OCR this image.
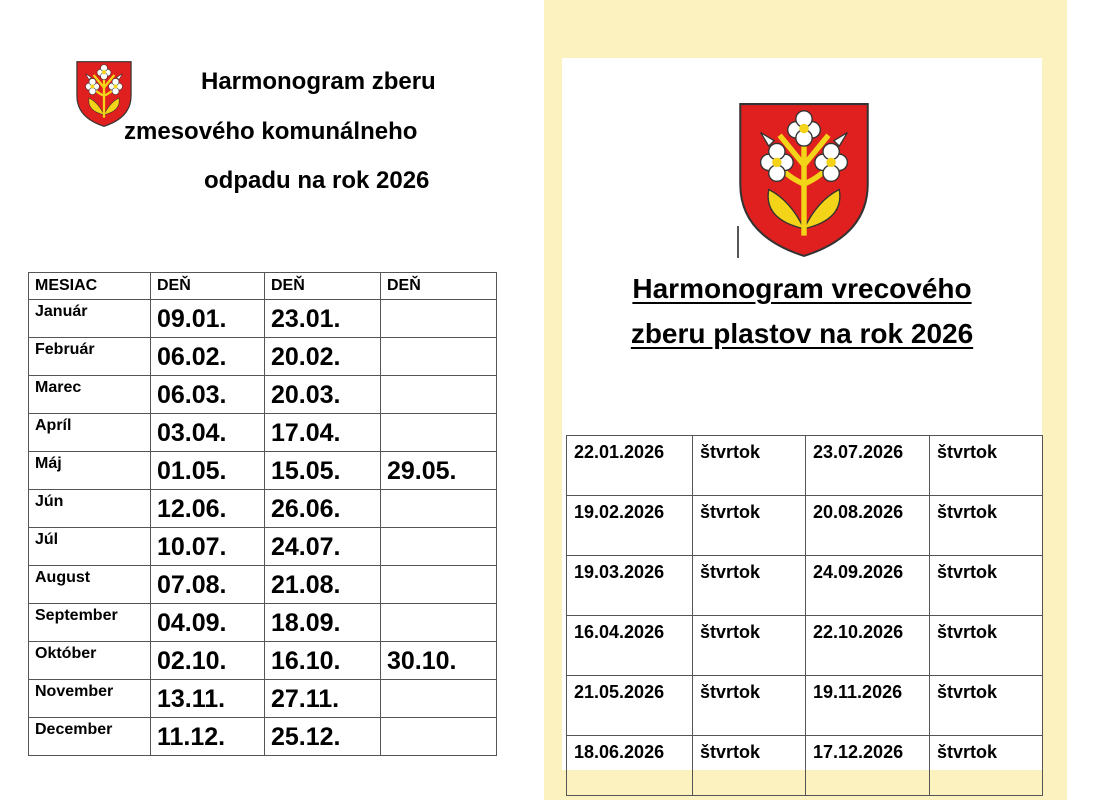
Harmonogram zberu
zmesového komunálneho
odpadu na rok 2026
MESIAC	DEŇ	DEŇ	DEŇ

Január	09.01.	23.01.	

Február	06.02.	20.02.	

Marec	06.03.	20.03.	

Apríl	03.04.	17.04.	

Máj	01.05.	15.05.	29.05.

Jún	12.06.	26.06.	

Júl	10.07.	24.07.	

August	07.08.	21.08.	

September	04.09.	18.09.	

Október	02.10.	16.10.	30.10.

November	13.11.	27.11.	

December	11.12.	25.12.	

Harmonogram vrecového
zberu plastov na rok 2026
22.01.2026	štvrtok	23.07.2026	štvrtok
19.02.2026	štvrtok	20.08.2026	štvrtok
19.03.2026	štvrtok	24.09.2026	štvrtok
16.04.2026	štvrtok	22.10.2026	štvrtok
21.05.2026	štvrtok	19.11.2026	štvrtok
18.06.2026	štvrtok	17.12.2026	štvrtok
